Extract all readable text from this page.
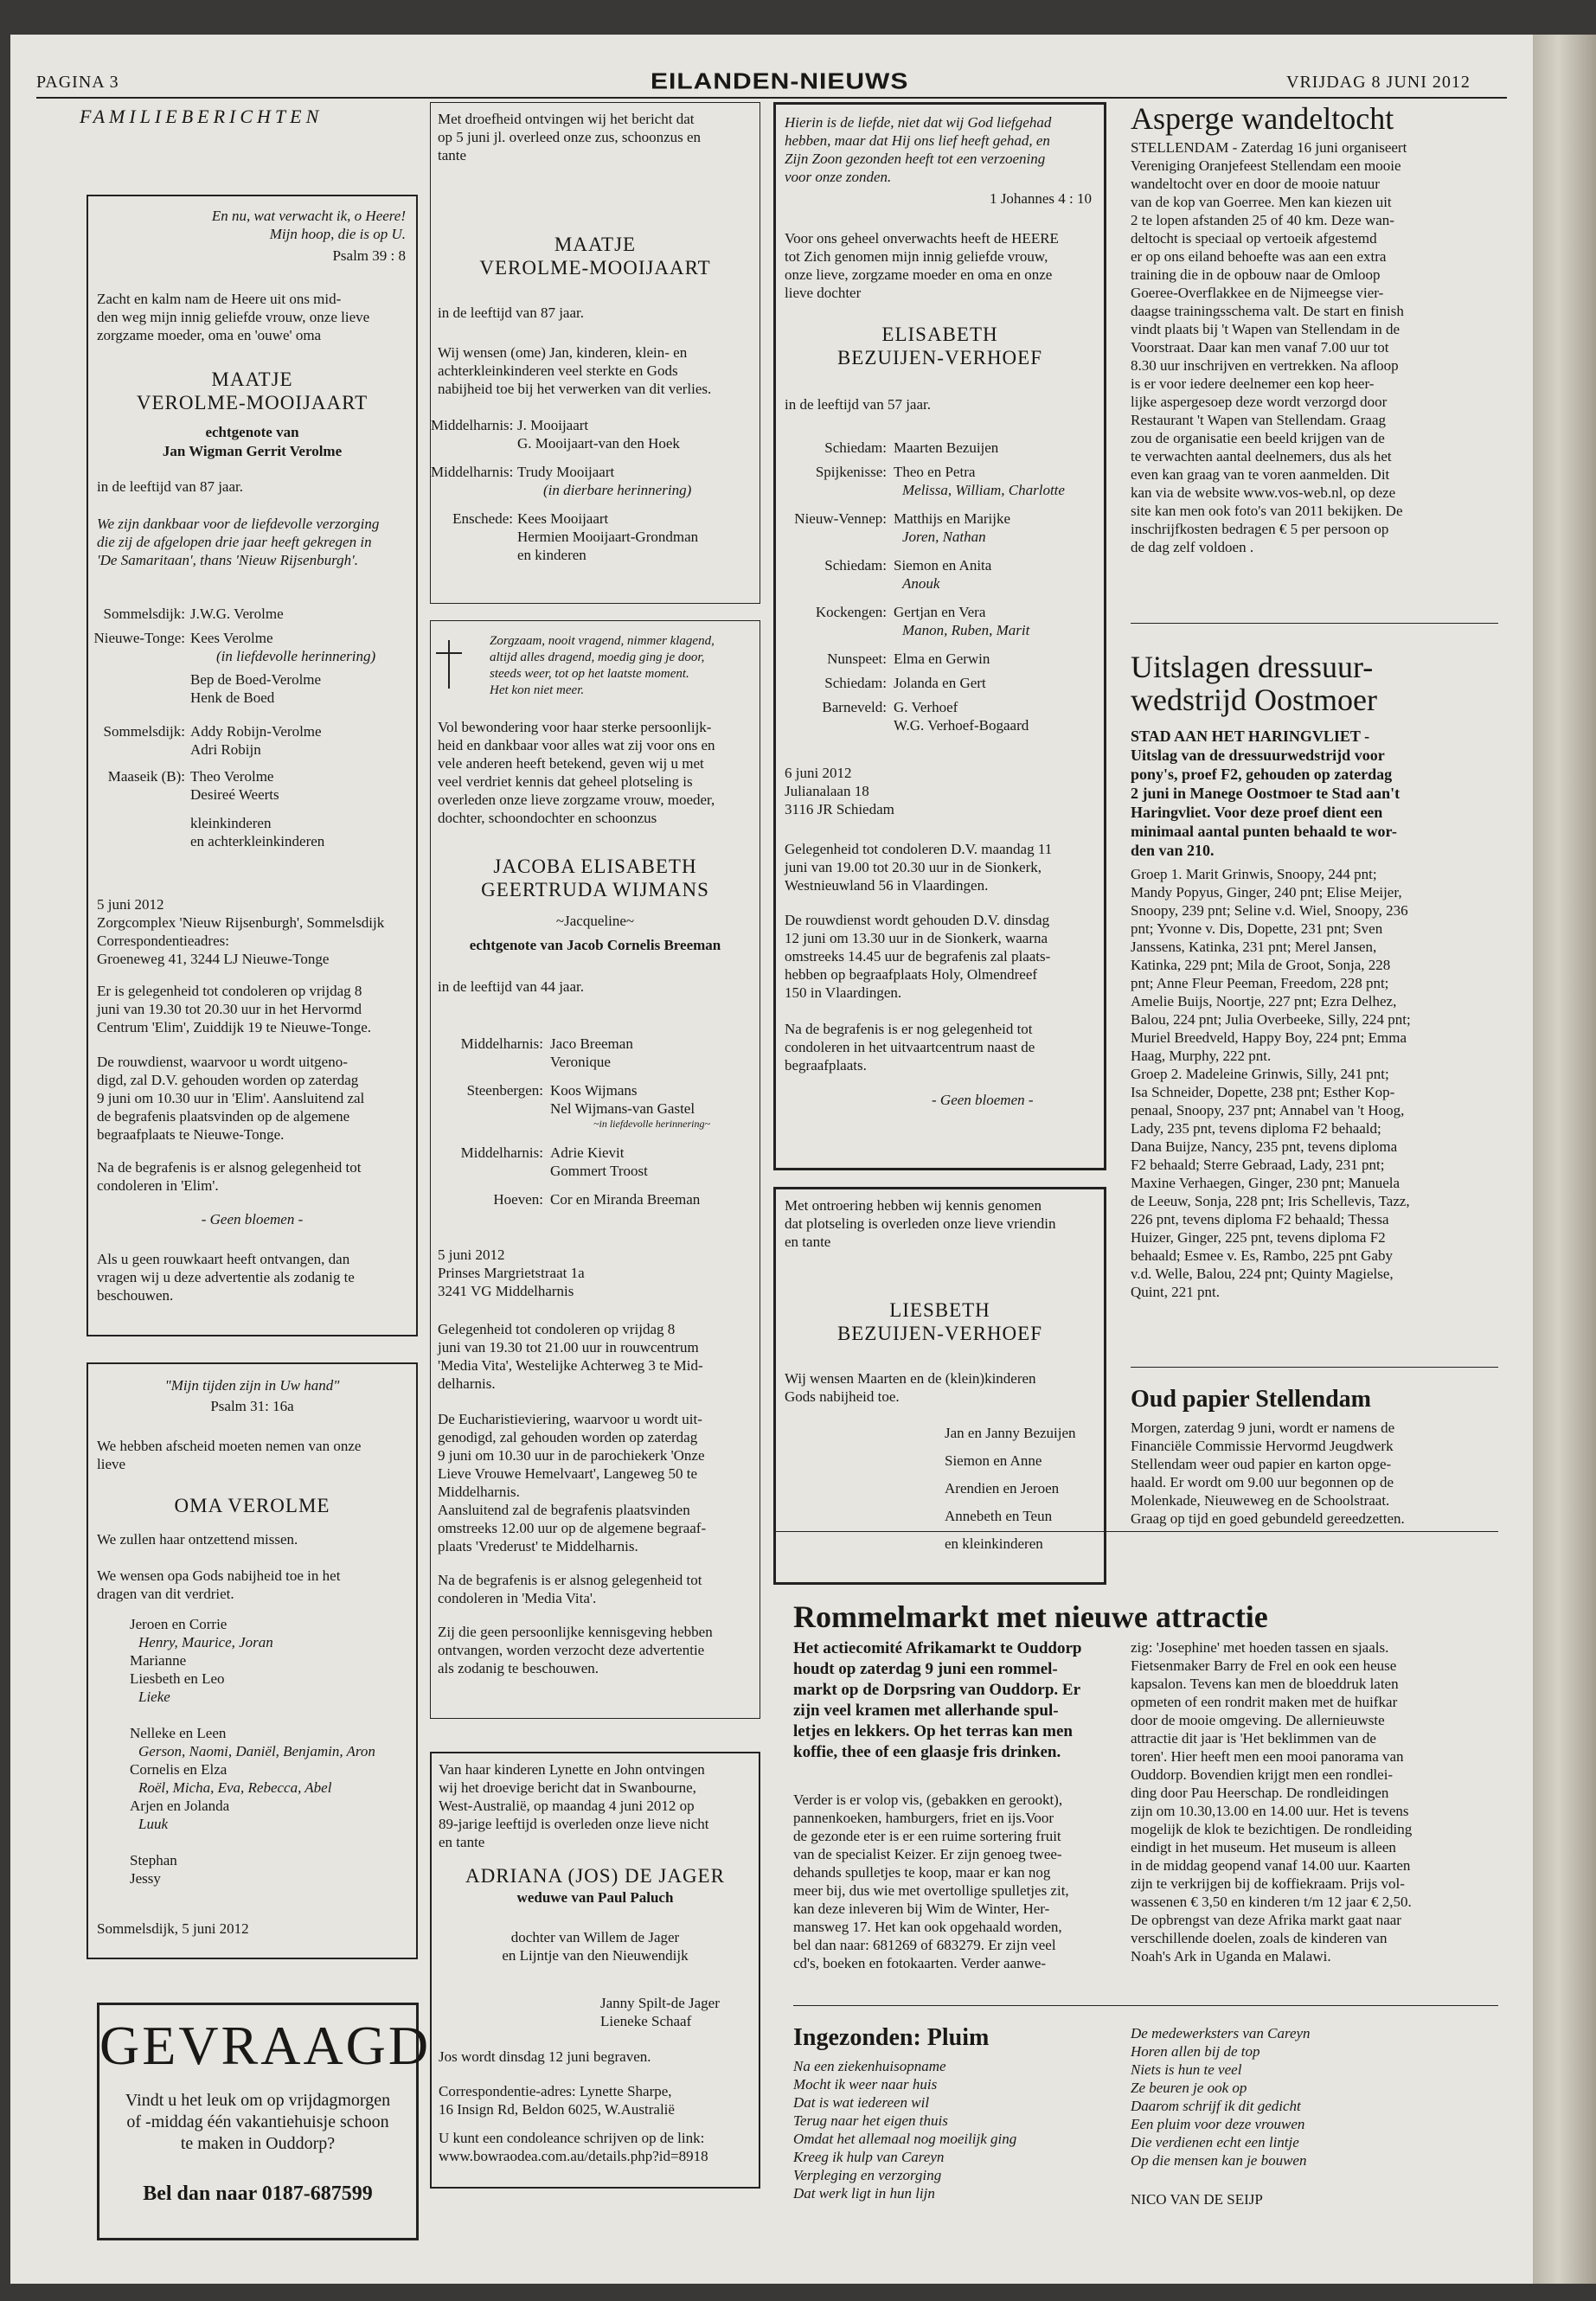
PAGINA 3	EILANDEN-NIEUWS	VRIJDAG 8 JUNI 2012
FAMILIEBERICHTEN

En nu, wat verwacht ik, o Heere!

Mijn hoop, die is op U.

Psalm 39 : 8

Zacht en kalm nam de Heere uit ons mid-

den weg mijn innig geliefde vrouw, onze lieve

zorgzame moeder, oma en 'ouwe' oma

MAATJE

VEROLME-MOOIJAART

echtgenote van

Jan Wigman Gerrit Verolme

in de leeftijd van 87 jaar.

We zijn dankbaar voor de liefdevolle verzorging

die zij de afgelopen drie jaar heeft gekregen in

'De Samaritaan', thans 'Nieuw Rijsenburgh'.

Sommelsdijk: J.W.G. Verolme
Nieuwe-Tonge: Kees Verolme

(in liefdevolle herinnering)

Bep de Boed-Verolme

Henk de Boed

Sommelsdijk: Addy Robijn-Verolme

Adri Robijn

Maaseik (B): Theo Verolme

Desireé Weerts

kleinkinderen

en achterkleinkinderen

5 juni 2012

Zorgcomplex 'Nieuw Rijsenburgh', Sommelsdijk

Correspondentieadres:

Groeneweg 41, 3244 LJ Nieuwe-Tonge

Er is gelegenheid tot condoleren op vrijdag 8

juni van 19.30 tot 20.30 uur in het Hervormd

Centrum 'Elim', Zuiddijk 19 te Nieuwe-Tonge.

De rouwdienst, waarvoor u wordt uitgeno-

digd, zal D.V. gehouden worden op zaterdag

9 juni om 10.30 uur in 'Elim'. Aansluitend zal

de begrafenis plaatsvinden op de algemene

begraafplaats te Nieuwe-Tonge.

Na de begrafenis is er alsnog gelegenheid tot

condoleren in 'Elim'.

- Geen bloemen -

Als u geen rouwkaart heeft ontvangen, dan

vragen wij u deze advertentie als zodanig te

beschouwen.

"Mijn tijden zijn in Uw hand"
Psalm 31: 16a

We hebben afscheid moeten nemen van onze

lieve

OMA VEROLME
We zullen haar ontzettend missen.

We wensen opa Gods nabijheid toe in het

dragen van dit verdriet.

Jeroen en Corrie

Henry, Maurice, Joran

Marianne

Liesbeth en Leo

Lieke

Nelleke en Leen

Gerson, Naomi, Daniël, Benjamin, Aron

Cornelis en Elza

Roël, Micha, Eva, Rebecca, Abel

Arjen en Jolanda

Luuk

Stephan

Jessy

Sommelsdijk, 5 juni 2012
GEVRAAGD

Vindt u het leuk om op vrijdagmorgen

of -middag één vakantiehuisje schoon

te maken in Ouddorp?

Bel dan naar 0187-687599

Met droefheid ontvingen wij het bericht dat

op 5 juni jl. overleed onze zus, schoonzus en

tante

MAATJE

VEROLME-MOOIJAART

in de leeftijd van 87 jaar.

Wij wensen (ome) Jan, kinderen, klein- en

achterkleinkinderen veel sterkte en Gods

nabijheid toe bij het verwerken van dit verlies.

Middelharnis: J. Mooijaart

G. Mooijaart-van den Hoek

Middelharnis: Trudy Mooijaart

(in dierbare herinnering)

Enschede: Kees Mooijaart

Hermien Mooijaart-Grondman

en kinderen

Zorgzaam, nooit vragend, nimmer klagend,

altijd alles dragend, moedig ging je door,

steeds weer, tot op het laatste moment.

Het kon niet meer.

Vol bewondering voor haar sterke persoonlijk-

heid en dankbaar voor alles wat zij voor ons en

vele anderen heeft betekend, geven wij u met

veel verdriet kennis dat geheel plotseling is

overleden onze lieve zorgzame vrouw, moeder,

dochter, schoondochter en schoonzus

JACOBA ELISABETH

GEERTRUDA WIJMANS

~Jacqueline~
echtgenote van Jacob Cornelis Breeman
in de leeftijd van 44 jaar.
Middelharnis: Jaco Breeman

Veronique

Steenbergen: Koos Wijmans

Nel Wijmans-van Gastel

~in liefdevolle herinnering~

Middelharnis: Adrie Kievit

Gommert Troost

Hoeven: Cor en Miranda Breeman

5 juni 2012

Prinses Margrietstraat 1a

3241 VG Middelharnis

Gelegenheid tot condoleren op vrijdag 8

juni van 19.30 tot 21.00 uur in rouwcentrum

'Media Vita', Westelijke Achterweg 3 te Mid-

delharnis.

De Eucharistieviering, waarvoor u wordt uit-

genodigd, zal gehouden worden op zaterdag

9 juni om 10.30 uur in de parochiekerk 'Onze

Lieve Vrouwe Hemelvaart', Langeweg 50 te

Middelharnis.

Aansluitend zal de begrafenis plaatsvinden

omstreeks 12.00 uur op de algemene begraaf-

plaats 'Vrederust' te Middelharnis.

Na de begrafenis is er alsnog gelegenheid tot

condoleren in 'Media Vita'.

Zij die geen persoonlijke kennisgeving hebben

ontvangen, worden verzocht deze advertentie

als zodanig te beschouwen.

Van haar kinderen Lynette en John ontvingen

wij het droevige bericht dat in Swanbourne,

West-Australië, op maandag 4 juni 2012 op

89-jarige leeftijd is overleden onze lieve nicht

en tante

ADRIANA (JOS) DE JAGER
weduwe van Paul Paluch

dochter van Willem de Jager

en Lijntje van den Nieuwendijk

Janny Spilt-de Jager

Lieneke Schaaf

Jos wordt dinsdag 12 juni begraven.

Correspondentie-adres: Lynette Sharpe,

16 Insign Rd, Beldon 6025, W.Australië

U kunt een condoleance schrijven op de link:

www.bowraodea.com.au/details.php?id=8918

Hierin is de liefde, niet dat wij God liefgehad

hebben, maar dat Hij ons lief heeft gehad, en

Zijn Zoon gezonden heeft tot een verzoening

voor onze zonden.

1 Johannes 4 : 10

Voor ons geheel onverwachts heeft de HEERE

tot Zich genomen mijn innig geliefde vrouw,

onze lieve, zorgzame moeder en oma en onze

lieve dochter

ELISABETH

BEZUIJEN-VERHOEF

in de leeftijd van 57 jaar.
Schiedam: Maarten Bezuijen
Spijkenisse: Theo en Petra

Melissa, William, Charlotte

Nieuw-Vennep: Matthijs en Marijke

Joren, Nathan

Schiedam: Siemon en Anita

Anouk

Kockengen: Gertjan en Vera

Manon, Ruben, Marit

Nunspeet: Elma en Gerwin
Schiedam: Jolanda en Gert
Barneveld: G. Verhoef

W.G. Verhoef-Bogaard

6 juni 2012

Julianalaan 18

3116 JR Schiedam

Gelegenheid tot condoleren D.V. maandag 11

juni van 19.00 tot 20.30 uur in de Sionkerk,

Westnieuwland 56 in Vlaardingen.

De rouwdienst wordt gehouden D.V. dinsdag

12 juni om 13.30 uur in de Sionkerk, waarna

omstreeks 14.45 uur de begrafenis zal plaats-

hebben op begraafplaats Holy, Olmendreef

150 in Vlaardingen.

Na de begrafenis is er nog gelegenheid tot

condoleren in het uitvaartcentrum naast de

begraafplaats.

- Geen bloemen -

Met ontroering hebben wij kennis genomen

dat plotseling is overleden onze lieve vriendin

en tante

LIESBETH

BEZUIJEN-VERHOEF

Wij wensen Maarten en de (klein)kinderen

Gods nabijheid toe.

Jan en Janny Bezuijen

Siemon en Anne

Arendien en Jeroen

Annebeth en Teun

en kleinkinderen

Asperge wandeltocht

STELLENDAM - Zaterdag 16 juni organiseert

Vereniging Oranjefeest Stellendam een mooie

wandeltocht over en door de mooie natuur

van de kop van Goerree. Men kan kiezen uit

2 te lopen afstanden 25 of 40 km. Deze wan-

deltocht is speciaal op vertoeik afgestemd

er op ons eiland behoefte was aan een extra

training die in de opbouw naar de Omloop

Goeree-Overflakkee en de Nijmeegse vier-

daagse trainingsschema valt. De start en finish

vindt plaats bij 't Wapen van Stellendam in de

Voorstraat. Daar kan men vanaf 7.00 uur tot

8.30 uur inschrijven en vertrekken. Na afloop

is er voor iedere deelnemer een kop heer-

lijke aspergesoep deze wordt verzorgd door

Restaurant 't Wapen van Stellendam. Graag

zou de organisatie een beeld krijgen van de

te verwachten aantal deelnemers, dus als het

even kan graag van te voren aanmelden. Dit

kan via de website www.vos-web.nl, op deze

site kan men ook foto's van 2011 bekijken. De

inschrijfkosten bedragen € 5 per persoon op

de dag zelf voldoen .

Uitslagen dressuur-

wedstrijd Oostmoer

STAD AAN HET HARINGVLIET -

Uitslag van de dressuurwedstrijd voor

pony's, proef F2, gehouden op zaterdag

2 juni in Manege Oostmoer te Stad aan't

Haringvliet. Voor deze proef dient een

minimaal aantal punten behaald te wor-

den van 210.

Groep 1. Marit Grinwis, Snoopy, 244 pnt;

Mandy Popyus, Ginger, 240 pnt; Elise Meijer,

Snoopy, 239 pnt; Seline v.d. Wiel, Snoopy, 236

pnt; Yvonne v. Dis, Dopette, 231 pnt; Sven

Janssens, Katinka, 231 pnt; Merel Jansen,

Katinka, 229 pnt; Mila de Groot, Sonja, 228

pnt; Anne Fleur Peeman, Freedom, 228 pnt;

Amelie Buijs, Noortje, 227 pnt; Ezra Delhez,

Balou, 224 pnt; Julia Overbeeke, Silly, 224 pnt;

Muriel Breedveld, Happy Boy, 224 pnt; Emma

Haag, Murphy, 222 pnt.

Groep 2. Madeleine Grinwis, Silly, 241 pnt;

Isa Schneider, Dopette, 238 pnt; Esther Kop-

penaal, Snoopy, 237 pnt; Annabel van 't Hoog,

Lady, 235 pnt, tevens diploma F2 behaald;

Dana Buijze, Nancy, 235 pnt, tevens diploma

F2 behaald; Sterre Gebraad, Lady, 231 pnt;

Maxine Verhaegen, Ginger, 230 pnt; Manuela

de Leeuw, Sonja, 228 pnt; Iris Schellevis, Tazz,

226 pnt, tevens diploma F2 behaald; Thessa

Huizer, Ginger, 225 pnt, tevens diploma F2

behaald; Esmee v. Es, Rambo, 225 pnt Gaby

v.d. Welle, Balou, 224 pnt; Quinty Magielse,

Quint, 221 pnt.

Oud papier Stellendam

Morgen, zaterdag 9 juni, wordt er namens de

Financiële Commissie Hervormd Jeugdwerk

Stellendam weer oud papier en karton opge-

haald. Er wordt om 9.00 uur begonnen op de

Molenkade, Nieuweweg en de Schoolstraat.

Graag op tijd en goed gebundeld gereedzetten.

Rommelmarkt met nieuwe attractie

Het actiecomité Afrikamarkt te Ouddorp

houdt op zaterdag 9 juni een rommel-

markt op de Dorpsring van Ouddorp. Er

zijn veel kramen met allerhande spul-

letjes en lekkers. Op het terras kan men

koffie, thee of een glaasje fris drinken.

Verder is er volop vis, (gebakken en gerookt),

pannenkoeken, hamburgers, friet en ijs.Voor

de gezonde eter is er een ruime sortering fruit

van de specialist Keizer. Er zijn genoeg twee-

dehands spulletjes te koop, maar er kan nog

meer bij, dus wie met overtollige spulletjes zit,

kan deze inleveren bij Wim de Winter, Her-

mansweg 17. Het kan ook opgehaald worden,

bel dan naar: 681269 of 683279. Er zijn veel

cd's, boeken en fotokaarten. Verder aanwe-

zig: 'Josephine' met hoeden tassen en sjaals.

Fietsenmaker Barry de Frel en ook een heuse

kapsalon. Tevens kan men de bloeddruk laten

opmeten of een rondrit maken met de huifkar

door de mooie omgeving. De allernieuwste

attractie dit jaar is 'Het beklimmen van de

toren'. Hier heeft men een mooi panorama van

Ouddorp. Bovendien krijgt men een rondlei-

ding door Pau Heerschap. De rondleidingen

zijn om 10.30,13.00 en 14.00 uur. Het is tevens

mogelijk de klok te bezichtigen. De rondleiding

eindigt in het museum. Het museum is alleen

in de middag geopend vanaf 14.00 uur. Kaarten

zijn te verkrijgen bij de koffiekraam. Prijs vol-

wassenen € 3,50 en kinderen t/m 12 jaar € 2,50.

De opbrengst van deze Afrika markt gaat naar

verschillende doelen, zoals de kinderen van

Noah's Ark in Uganda en Malawi.

Ingezonden: Pluim

Na een ziekenhuisopname

Mocht ik weer naar huis

Dat is wat iedereen wil

Terug naar het eigen thuis

Omdat het allemaal nog moeilijk ging

Kreeg ik hulp van Careyn

Verpleging en verzorging

Dat werk ligt in hun lijn

De medewerksters van Careyn

Horen allen bij de top

Niets is hun te veel

Ze beuren je ook op

Daarom schrijf ik dit gedicht

Een pluim voor deze vrouwen

Die verdienen echt een lintje

Op die mensen kan je bouwen

NICO VAN DE SEIJP
